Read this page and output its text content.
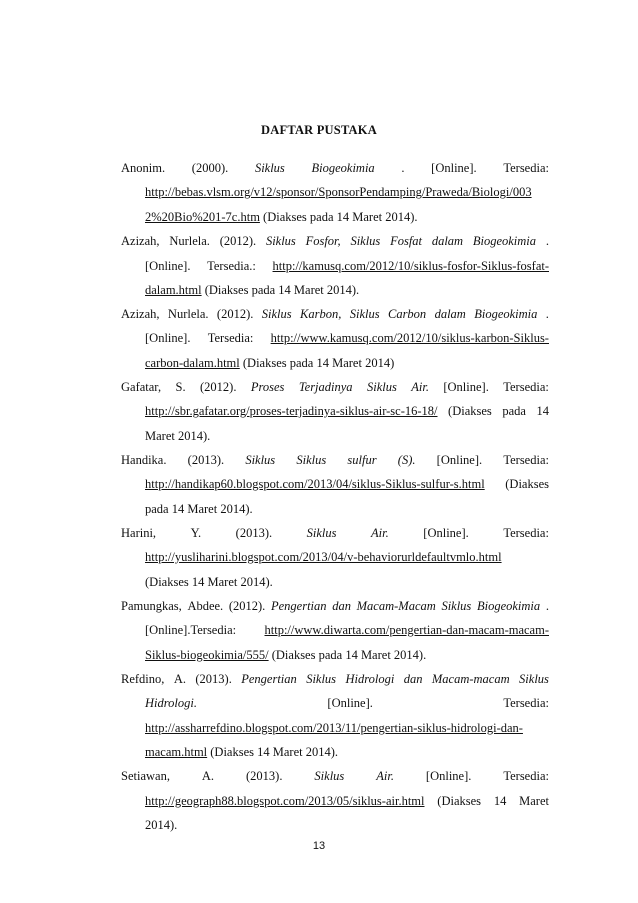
DAFTAR PUSTAKA
Anonim. (2000). Siklus Biogeokimia . [Online]. Tersedia:
http://bebas.vlsm.org/v12/sponsor/SponsorPendamping/Praweda/Biologi/003
2%20Bio%201-7c.htm (Diakses pada 14 Maret 2014).
Azizah, Nurlela. (2012). Siklus Fosfor, Siklus Fosfat dalam Biogeokimia .
[Online]. Tersedia.: http://kamusq.com/2012/10/siklus-fosfor-Siklus-fosfat-
dalam.html (Diakses pada 14 Maret 2014).
Azizah, Nurlela. (2012). Siklus Karbon, Siklus Carbon dalam Biogeokimia .
[Online]. Tersedia: http://www.kamusq.com/2012/10/siklus-karbon-Siklus-
carbon-dalam.html (Diakses pada 14 Maret 2014)
Gafatar, S. (2012). Proses Terjadinya Siklus Air. [Online]. Tersedia:
http://sbr.gafatar.org/proses-terjadinya-siklus-air-sc-16-18/ (Diakses pada 14
Maret 2014).
Handika. (2013). Siklus Siklus sulfur (S). [Online]. Tersedia:
http://handikap60.blogspot.com/2013/04/siklus-Siklus-sulfur-s.html (Diakses
pada 14 Maret 2014).
Harini,	Y.	(2013).	Siklus	Air.	[Online].	Tersedia:
http://yusliharini.blogspot.com/2013/04/v-behaviorurldefaultvmlo.html
(Diakses 14 Maret 2014).
Pamungkas, Abdee. (2012). Pengertian dan Macam-Macam Siklus Biogeokimia .
[Online].Tersedia: http://www.diwarta.com/pengertian-dan-macam-macam-
Siklus-biogeokimia/555/ (Diakses pada 14 Maret 2014).
Refdino, A. (2013). Pengertian Siklus Hidrologi dan Macam-macam Siklus
Hidrologi.	[Online].	Tersedia:
http://assharrefdino.blogspot.com/2013/11/pengertian-siklus-hidrologi-dan-
macam.html (Diakses 14 Maret 2014).
Setiawan,	A.	(2013).	Siklus	Air.	[Online].	Tersedia:
http://geograph88.blogspot.com/2013/05/siklus-air.html (Diakses 14 Maret
2014).
13
